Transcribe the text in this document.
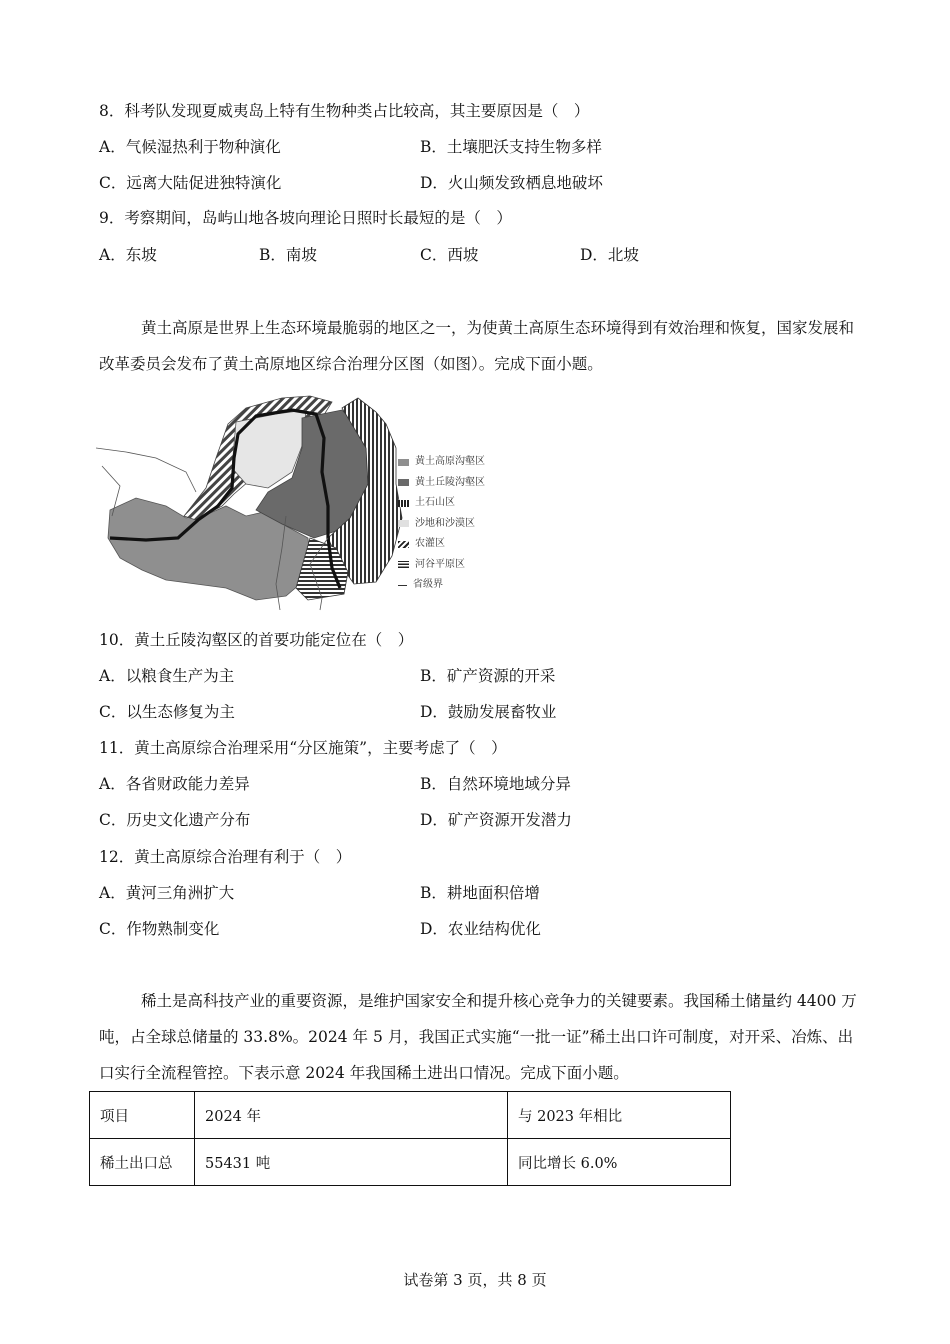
8．科考队发现夏威夷岛上特有生物种类占比较高，其主要原因是（　）
A．气候湿热利于物种演化	B．土壤肥沃支持生物多样
C．远离大陆促进独特演化	D．火山频发致栖息地破坏
9．考察期间，岛屿山地各坡向理论日照时长最短的是（　）
A．东坡	B．南坡	C．西坡	D．北坡
黄土高原是世界上生态环境最脆弱的地区之一，为使黄土高原生态环境得到有效治理和恢复，国家发展和改革委员会发布了黄土高原地区综合治理分区图（如图）。完成下面小题。
黄土高原沟壑区
黄土丘陵沟壑区
土石山区
沙地和沙漠区
农灌区
河谷平原区
省级界
10．黄土丘陵沟壑区的首要功能定位在（　）
A．以粮食生产为主	B．矿产资源的开采
C．以生态修复为主	D．鼓励发展畜牧业
11．黄土高原综合治理采用“分区施策”，主要考虑了（　）
A．各省财政能力差异	B．自然环境地域分异
C．历史文化遗产分布	D．矿产资源开发潜力
12．黄土高原综合治理有利于（　）
A．黄河三角洲扩大	B．耕地面积倍增
C．作物熟制变化	D．农业结构优化
稀土是高科技产业的重要资源，是维护国家安全和提升核心竞争力的关键要素。我国稀土储量约 4400 万吨，占全球总储量的 33.8%。2024 年 5 月，我国正式实施“一批一证”稀土出口许可制度，对开采、冶炼、出口实行全流程管控。下表示意 2024 年我国稀土进出口情况。完成下面小题。
项目	2024 年	与 2023 年相比
稀土出口总	55431 吨	同比增长 6.0%
试卷第 3 页，共 8 页
